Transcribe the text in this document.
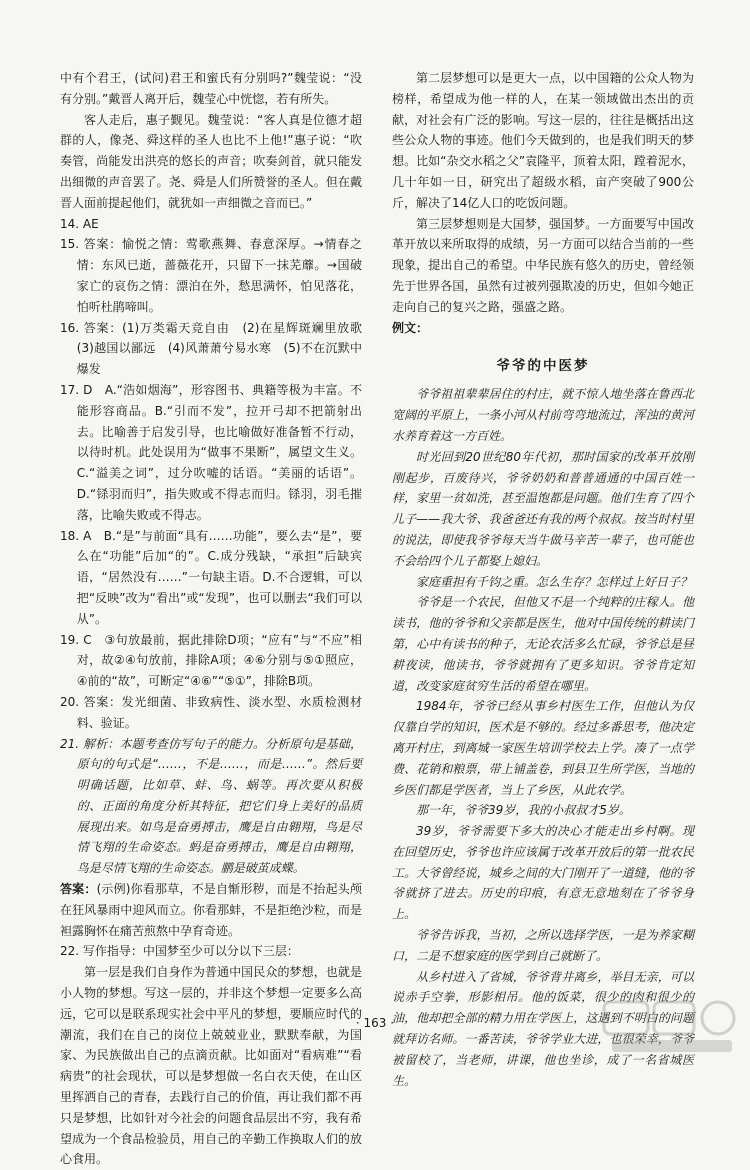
中有个君王，(试问)君王和蜜氏有分别吗?”魏莹说：“没有分别。”戴晋人离开后，魏莹心中恍惚，若有所失。

客人走后，惠子觐见。魏莹说：“客人真是位德才超群的人，像尧、舜这样的圣人也比不上他!”惠子说：“吹奏管，尚能发出洪亮的悠长的声音；吹奏剑首，就只能发出细微的声音罢了。尧、舜是人们所赞誉的圣人。但在戴晋人面前提起他们，就犹如一声细微之音而已。”

14. AE

15. 答案：愉悦之情：莺歌燕舞、春意深厚。→情春之情：东风已逝，蔷薇花开，只留下一抹芜蘼。→国破家亡的哀伤之情：漂泊在外，愁思满怀，怕见落花，怕听杜鹃啼叫。

16. 答案：(1)万类霜天竞自由　(2)在星辉斑斓里放歌　(3)越国以鄙远　(4)风萧萧兮易水寒　(5)不在沉默中爆发

17. D　A.“浩如烟海”，形容图书、典籍等极为丰富。不能形容商品。B.“引而不发”，拉开弓却不把箭射出去。比喻善于启发引导，也比喻做好准备暂不行动，以待时机。此处误用为“做事不果断”，属望文生义。C.“溢美之词”，过分吹嘘的话语。“美丽的话语”。D.“铩羽而归”，指失败或不得志而归。铩羽，羽毛摧落，比喻失败或不得志。

18. A　B.“是”与前面“具有……功能”，要么去“是”，要么在“功能”后加“的”。C.成分残缺，“承担”后缺宾语，“居然没有……”一句缺主语。D.不合逻辑，可以把“反映”改为“看出”或“发现”，也可以删去“我们可以从”。

19. C　③句放最前，据此排除D项；“应有”与“不应”相对，故②④句放前，排除A项；④⑥分别与⑤①照应，④前的“故”，可断定“④⑥”“⑤①”，排除B项。

20. 答案：发光细菌、非致病性、淡水型、水质检测材料、验证。

21. 解析：本题考查仿写句子的能力。分析原句是基础，原句的句式是“……，不是……，而是……”。然后要明确话题，比如草、蚌、鸟、蜗等。再次要从积极的、正面的角度分析其特征，把它们身上美好的品质展现出来。如鸟是奋勇搏击，鹰是自由翱翔，鸟是尽情飞翔的生命姿态。蚂是奋勇搏击，鹰是自由翱翔，鸟是尽情飞翔的生命姿态。鹏是破茧成蝶。

答案：(示例)你看那草，不是自惭形秽，而是不抬起头颅在狂风暴雨中迎风而立。你看那蚌，不是拒绝沙粒，而是袒露胸怀在痛苦煎熬中孕育奇迹。

22. 写作指导：中国梦至少可以分以下三层：

第一层是我们自身作为普通中国民众的梦想，也就是小人物的梦想。写这一层的，并非这个梦想一定要多么高远，它可以是联系现实社会中平凡的梦想，要顺应时代的潮流，我们在自己的岗位上兢兢业业，默默奉献，为国家、为民族做出自己的点滴贡献。比如面对“看病难”“看病贵”的社会现状，可以是梦想做一名白衣天使，在山区里挥洒自己的青春，去践行自己的价值，再让我们都不再只是梦想，比如针对今社会的问题食品层出不穷，我有希望成为一个食品检验员，用自己的辛勤工作换取人们的放心食用。

第二层梦想可以是更大一点，以中国籍的公众人物为榜样，希望成为他一样的人，在某一领域做出杰出的贡献，对社会有广泛的影响。写这一层的，往往是概括出这些公众人物的事迹。他们今天做到的，也是我们明天的梦想。比如“杂交水稻之父”袁隆平，顶着太阳，蹚着泥水，几十年如一日，研究出了超级水稻，亩产突破了900公斤，解决了14亿人口的吃饭问题。

第三层梦想则是大国梦，强国梦。一方面要写中国改革开放以来所取得的成绩，另一方面可以结合当前的一些现象，提出自己的希望。中华民族有悠久的历史，曾经领先于世界各国，虽然有过被列强欺凌的历史，但如今她正走向自己的复兴之路，强盛之路。

例文：

爷爷的中医梦

爷爷祖祖辈辈居住的村庄，就不惊人地坐落在鲁西北宽阔的平原上，一条小河从村前弯弯地流过，浑浊的黄河水养育着这一方百姓。

时光回到20世纪80年代初，那时国家的改革开放刚刚起步，百废待兴，爷爷奶奶和普普通通的中国百姓一样，家里一贫如洗，甚至温饱都是问题。他们生育了四个儿子——我大爷、我爸爸还有我的两个叔叔。按当时村里的说法，即使我爷爷每天当牛做马辛苦一辈子，也可能也不会给四个儿子都娶上媳妇。

家庭重担有千钧之重。怎么生存？怎样过上好日子？

爷爷是一个农民，但他又不是一个纯粹的庄稼人。他读书，他的爷爷和父亲都是医生，他对中国传统的耕读门第，心中有读书的种子，无论农活多么忙碌，爷爷总是昼耕夜读，他读书，爷爷就拥有了更多知识。爷爷肯定知道，改变家庭贫穷生活的希望在哪里。

1984年，爷爷已经从事乡村医生工作，但他认为仅仅靠自学的知识，医术是不够的。经过多番思考，他决定离开村庄，到离城一家医生培训学校去上学。凑了一点学费、花销和粮票，带上铺盖卷，到县卫生所学医，当地的乡医们都是学医者，当上了乡医，从此农学。

那一年，爷爷39岁，我的小叔叔才5岁。

39岁，爷爷需要下多大的决心才能走出乡村啊。现在回望历史，爷爷也许应该属于改革开放后的第一批农民工。大爷曾经说，城乡之间的大门刚开了一道缝，他的爷爷就挤了进去。历史的印痕，有意无意地刻在了爷爷身上。

爷爷告诉我，当初，之所以选择学医，一是为养家糊口，二是不想家庭的医学到自己就断了。

从乡村进入了省城，爷爷背井离乡，举目无亲，可以说赤手空拳，形影相吊。他的饭菜，很少的肉和很少的油，他却把全部的精力用在学医上，这遇到不明白的问题就拜访名师。一番苦读，爷爷学业大进，也很荣幸，爷爷被留校了，当老师，讲课，他也坐诊，成了一名省城医生。

· 163 ·
